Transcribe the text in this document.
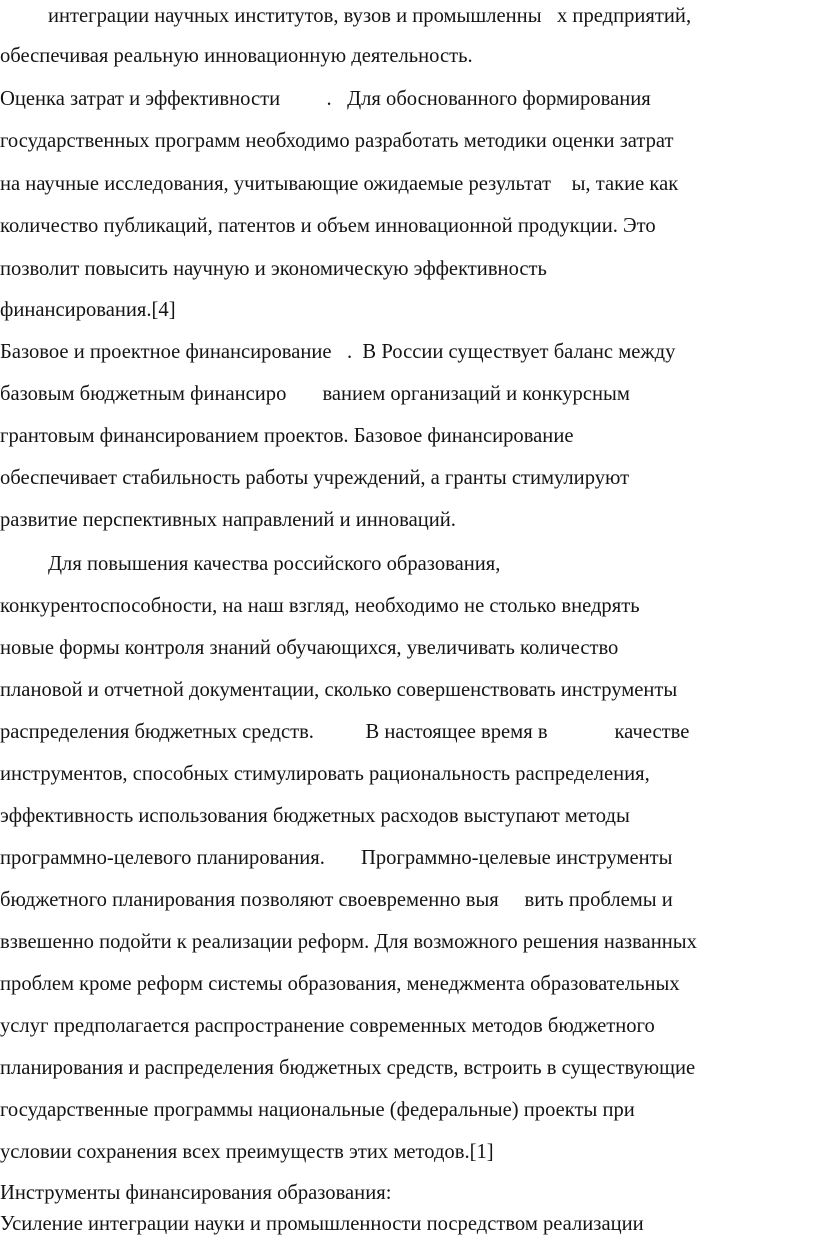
интеграции научных институтов, вузов и промышленны   х предприятий,
обеспечивая реальную инновационную деятельность.
Оценка затрат и эффективности         .   Для обоснованного формирования
государственных программ необходимо разработать методики оценки затрат
на научные исследования, учитывающие ожидаемые результат    ы, такие как
количество публикаций, патентов и объем инновационной продукции. Это
позволит повысить научную и экономическую эффективность
финансирования.[4]
Базовое и проектное финансирование   .  В России существует баланс между
базовым бюджетным финансиро       ванием организаций и конкурсным
грантовым финансированием проектов. Базовое финансирование
обеспечивает стабильность работы учреждений, а гранты стимулируют
развитие перспективных направлений и инноваций.
Для повышения качества российского образования,
конкурентоспособности, на наш взгляд, необходимо не столько внедрять
новые формы контроля знаний обучающихся, увеличивать количество
плановой и отчетной документации, сколько совершенствовать инструменты
распределения бюджетных средств.          В настоящее время в             качестве
инструментов, способных стимулировать рациональность распределения,
эффективность использования бюджетных расходов выступают методы
программно-целевого планирования.       Программно-целевые инструменты
бюджетного планирования позволяют своевременно выя     вить проблемы и
взвешенно подойти к реализации реформ. Для возможного решения названных
проблем кроме реформ системы образования, менеджмента образовательных
услуг предполагается распространение современных методов бюджетного
планирования и распределения бюджетных средств, встроить в существующие
государственные программы национальные (федеральные) проекты при
условии сохранения всех преимуществ этих методов.[1]
Инструменты финансирования образования:
Усиление интеграции науки и промышленности посредством реализации
